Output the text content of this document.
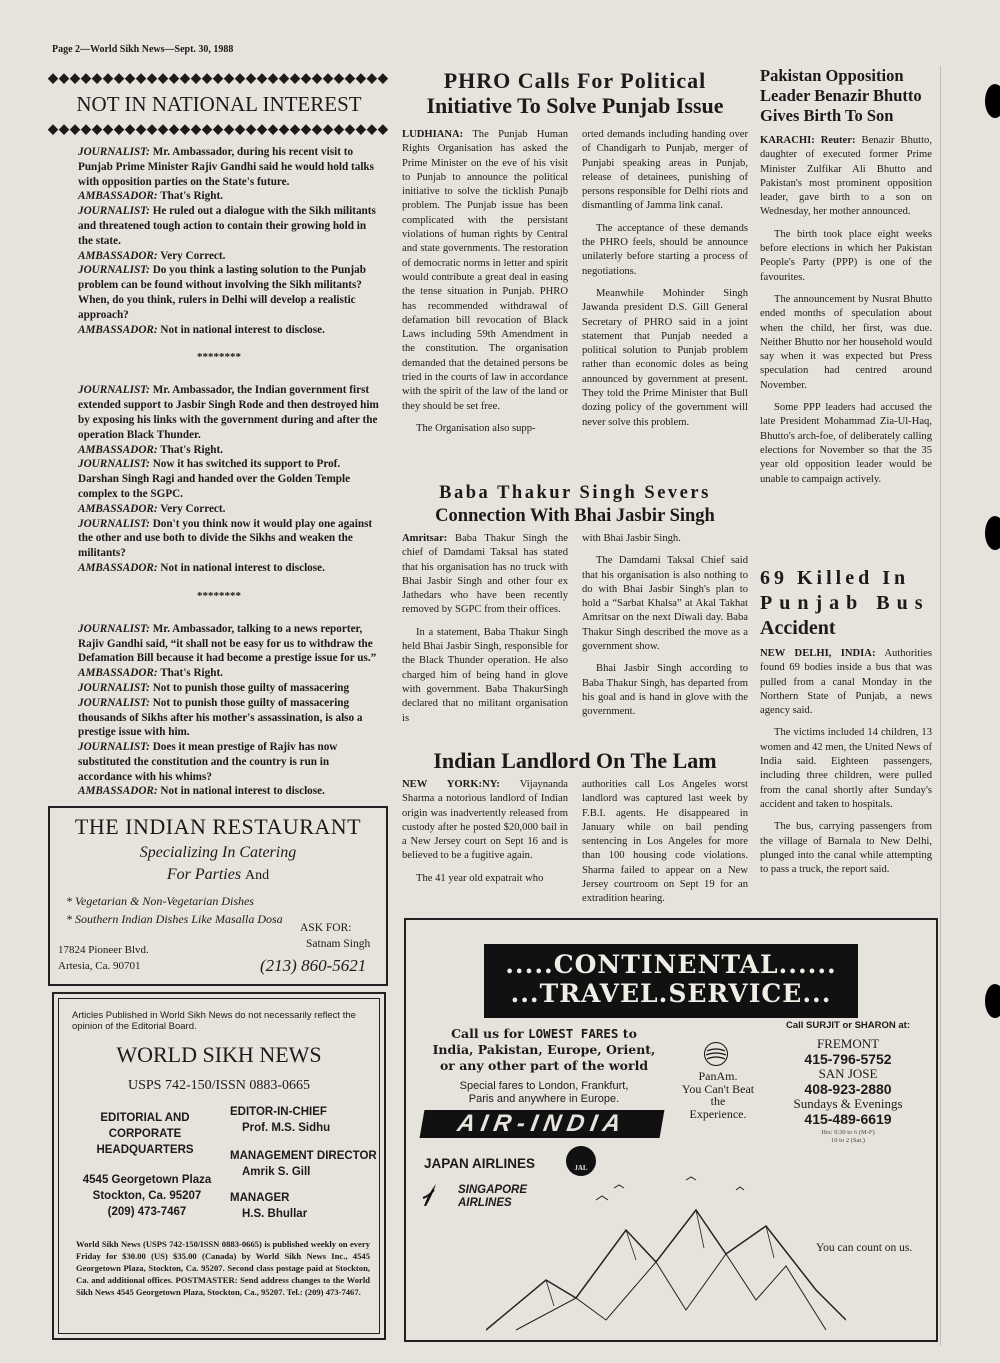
Page 2—World Sikh News—Sept. 30, 1988
◆◆◆◆◆◆◆◆◆◆◆◆◆◆◆◆◆◆◆◆◆◆◆◆◆◆◆◆◆◆◆
NOT IN NATIONAL INTEREST
◆◆◆◆◆◆◆◆◆◆◆◆◆◆◆◆◆◆◆◆◆◆◆◆◆◆◆◆◆◆◆

JOURNALIST: Mr. Ambassador, during his recent visit to Punjab Prime Minister Rajiv Gandhi said he would hold talks with opposition parties on the State's future.

AMBASSADOR: That's Right.

JOURNALIST: He ruled out a dialogue with the Sikh militants and threatened tough action to contain their growing hold in the state.

AMBASSADOR: Very Correct.

JOURNALIST: Do you think a lasting solution to the Punjab problem can be found without involving the Sikh militants? When, do you think, rulers in Delhi will develop a realistic approach?

AMBASSADOR: Not in national interest to disclose.

********

JOURNALIST: Mr. Ambassador, the Indian government first extended support to Jasbir Singh Rode and then destroyed him by exposing his links with the government during and after the operation Black Thunder.

AMBASSADOR: That's Right.

JOURNALIST: Now it has switched its support to Prof. Darshan Singh Ragi and handed over the Golden Temple complex to the SGPC.

AMBASSADOR: Very Correct.

JOURNALIST: Don't you think now it would play one against the other and use both to divide the Sikhs and weaken the militants?

AMBASSADOR: Not in national interest to disclose.

********

JOURNALIST: Mr. Ambassador, talking to a news reporter, Rajiv Gandhi said, “it shall not be easy for us to withdraw the Defamation Bill because it had become a prestige issue for us.”

AMBASSADOR: That's Right.

JOURNALIST: Not to punish those guilty of massacering

JOURNALIST: Not to punish those guilty of massacering thousands of Sikhs after his mother's assassination, is also a prestige issue with him.

JOURNALIST: Does it mean prestige of Rajiv has now substituted the constitution and the country is run in accordance with his whims?

AMBASSADOR: Not in national interest to disclose.

PHRO Calls For Political
Initiative To Solve Punjab Issue

LUDHIANA: The Punjab Human Rights Organisation has asked the Prime Minister on the eve of his visit to Punjab to announce the political initiative to solve the ticklish Punajb problem. The Punjab issue has been complicated with the persistant violations of human rights by Central and state governments. The restoration of democratic norms in letter and spirit would contribute a great deal in easing the tense situation in Punjab. PHRO has recommended withdrawal of defamation bill revocation of Black Laws including 59th Amendment in the constitution. The organisation demanded that the detained persons be tried in the courts of law in accordance with the spirit of the law of the land or they should be set free.

The Organisation also supp-

orted demands including handing over of Chandigarh to Punjab, merger of Punjabi speaking areas in Punjab, release of detainees, punishing of persons responsible for Delhi riots and dismantling of Jamma link canal.

The acceptance of these demands the PHRO feels, should be announce unilaterly before starting a process of negotiations.

Meanwhile Mohinder Singh Jawanda president D.S. Gill General Secretary of PHRO said in a joint statement that Punjab needed a political solution to Punjab problem rather than economic doles as being announced by government at present. They told the Prime Minister that Bull dozing policy of the government will never solve this problem.

Baba Thakur Singh Severs
Connection With Bhai Jasbir Singh

Amritsar: Baba Thakur Singh the chief of Damdami Taksal has stated that his organisation has no truck with Bhai Jasbir Singh and other four ex Jathedars who have been recently removed by SGPC from their offices.

In a statement, Baba Thakur Singh held Bhai Jasbir Singh, responsible for the Black Thunder operation. He also charged him of being hand in glove with government. Baba ThakurSingh declared that no militant organisation is

with Bhai Jasbir Singh.

The Damdami Taksal Chief said that his organisation is also nothing to do with Bhai Jasbir Singh's plan to hold a “Sarbat Khalsa” at Akal Takhat Amritsar on the next Diwali day. Baba Thakur Singh described the move as a government show.

Bhai Jasbir Singh according to Baba Thakur Singh, has departed from his goal and is hand in glove with the government.

Indian Landlord On The Lam

NEW YORK:NY: Vijaynanda Sharma a notorious landlord of Indian origin was inadvertently released from custody after he posted $20,000 bail in a New Jersey court on Sept 16 and is believed to be a fugitive again.

The 41 year old expatrait who

authorities call Los Angeles worst landlord was captured last week by F.B.I. agents. He disappeared in January while on bail pending sentencing in Los Angeles for more than 100 housing code violations. Sharma failed to appear on a New Jersey courtroom on Sept 19 for an extradition hearing.

Pakistan Opposition
Leader Benazir Bhutto
Gives Birth To Son

KARACHI: Reuter: Benazir Bhutto, daughter of executed former Prime Minister Zulfikar Ali Bhutto and Pakistan's most prominent opposition leader, gave birth to a son on Wednesday, her mother announced.

The birth took place eight weeks before elections in which her Pakistan People's Party (PPP) is one of the favourites.

The announcement by Nusrat Bhutto ended months of speculation about when the child, her first, was due. Neither Bhutto nor her household would say when it was expected but Press speculation had centred around November.

Some PPP leaders had accused the late President Mohammad Zia-Ul-Haq, Bhutto's arch-foe, of deliberately calling elections for November so that the 35 year old opposition leader would be unable to campaign actively.

69 Killed In
Punjab Bus
Accident

NEW DELHI, INDIA: Authorities found 69 bodies inside a bus that was pulled from a canal Monday in the Northern State of Punjab, a news agency said.

The victims included 14 children, 13 women and 42 men, the United News of India said. Eighteen passengers, including three children, were pulled from the canal shortly after Sunday's accident and taken to hospitals.

The bus, carrying passengers from the village of Barnala to New Delhi, plunged into the canal while attempting to pass a truck, the report said.

THE INDIAN RESTAURANT
Specializing In Catering
For Parties And
* Vegetarian & Non-Vegetarian Dishes
* Southern Indian Dishes Like Masalla Dosa
ASK FOR:
Satnam Singh
17824 Pioneer Blvd.
Artesia, Ca. 90701	(213) 860-5621
Articles Published in World Sikh News do not necessarily reflect the opinion of the Editorial Board.
WORLD SIKH NEWS
USPS 742-150/ISSN 0883-0665
EDITORIAL AND
CORPORATE
HEADQUARTERS
4545 Georgetown Plaza
Stockton, Ca. 95207
(209) 473-7467
EDITOR-IN-CHIEF
Prof. M.S. Sidhu
MANAGEMENT DIRECTOR
Amrik S. Gill
MANAGER
H.S. Bhullar
World Sikh News (USPS 742-150/ISSN 0883-0665) is published weekly on every Friday for $30.00 (US) $35.00 (Canada) by World Sikh News Inc., 4545 Georgetown Plaza, Stockton, Ca. 95207. Second class postage paid at Stockton, Ca. and additional offices. POSTMASTER: Send address changes to the World Sikh News 4545 Georgetown Plaza, Stockton, Ca., 95207. Tel.: (209) 473-7467.
.....CONTINENTAL......
...TRAVEL.SERVICE...
Call us for LOWEST FARES to
India, Pakistan, Europe, Orient,
or any other part of the world
Special fares to London, Frankfurt,
Paris and anywhere in Europe.
AIR-INDIA
JAPAN AIRLINES	JAL
SINGAPORE
AIRLINES
PanAm.
You Can't Beat
the
Experience.
Call SURJIT or SHARON at:
FREMONT
415-796-5752
SAN JOSE
408-923-2880
Sundays & Evenings
415-489-6619
Hrs: 9:30 to 6 (M-F)
10 to 2 (Sat.)
You can count on us.
